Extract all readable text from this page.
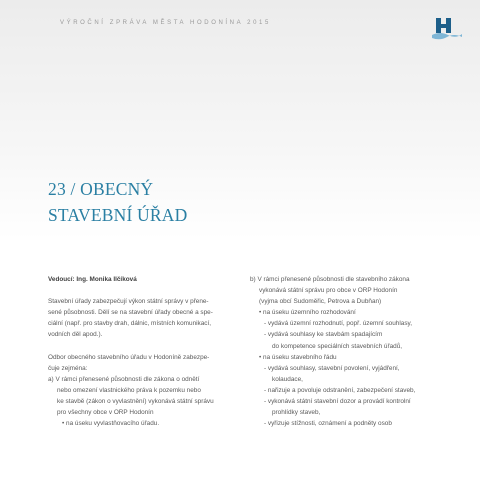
VÝROČNÍ ZPRÁVA MĚSTA HODONÍNA 2015
23 / OBECNÝ
STAVEBNÍ ÚŘAD
Vedoucí: Ing. Monika Ilčíková
Stavební úřady zabezpečují výkon státní správy v přene-
sené působnosti. Dělí se na stavební úřady obecné a spe-
ciální (např. pro stavby drah, dálnic, místních komunikací,
vodních děl apod.).
Odbor obecného stavebního úřadu v Hodoníně zabezpe-
čuje zejména:
a) V rámci přenesené působnosti dle zákona o odnětí
nebo omezení vlastnického práva k pozemku nebo
ke stavbě (zákon o vyvlastnění) vykonává státní správu
pro všechny obce v ORP Hodonín
• na úseku vyvlastňovacího úřadu.
b) V rámci přenesené působnosti dle stavebního zákona
vykonává státní správu pro obce v ORP Hodonín
(vyjma obcí Sudoměřic, Petrova a Dubňan)
• na úseku územního rozhodování
- vydává územní rozhodnutí, popř. územní souhlasy,
- vydává souhlasy ke stavbám spadajícím
do kompetence speciálních stavebních úřadů,
• na úseku stavebního řádu
- vydává souhlasy, stavební povolení, vyjádření,
kolaudace,
- nařizuje a povoluje odstranění, zabezpečení staveb,
- vykonává státní stavební dozor a provádí kontrolní
prohlídky staveb,
- vyřizuje stížnosti, oznámení a podněty osob
